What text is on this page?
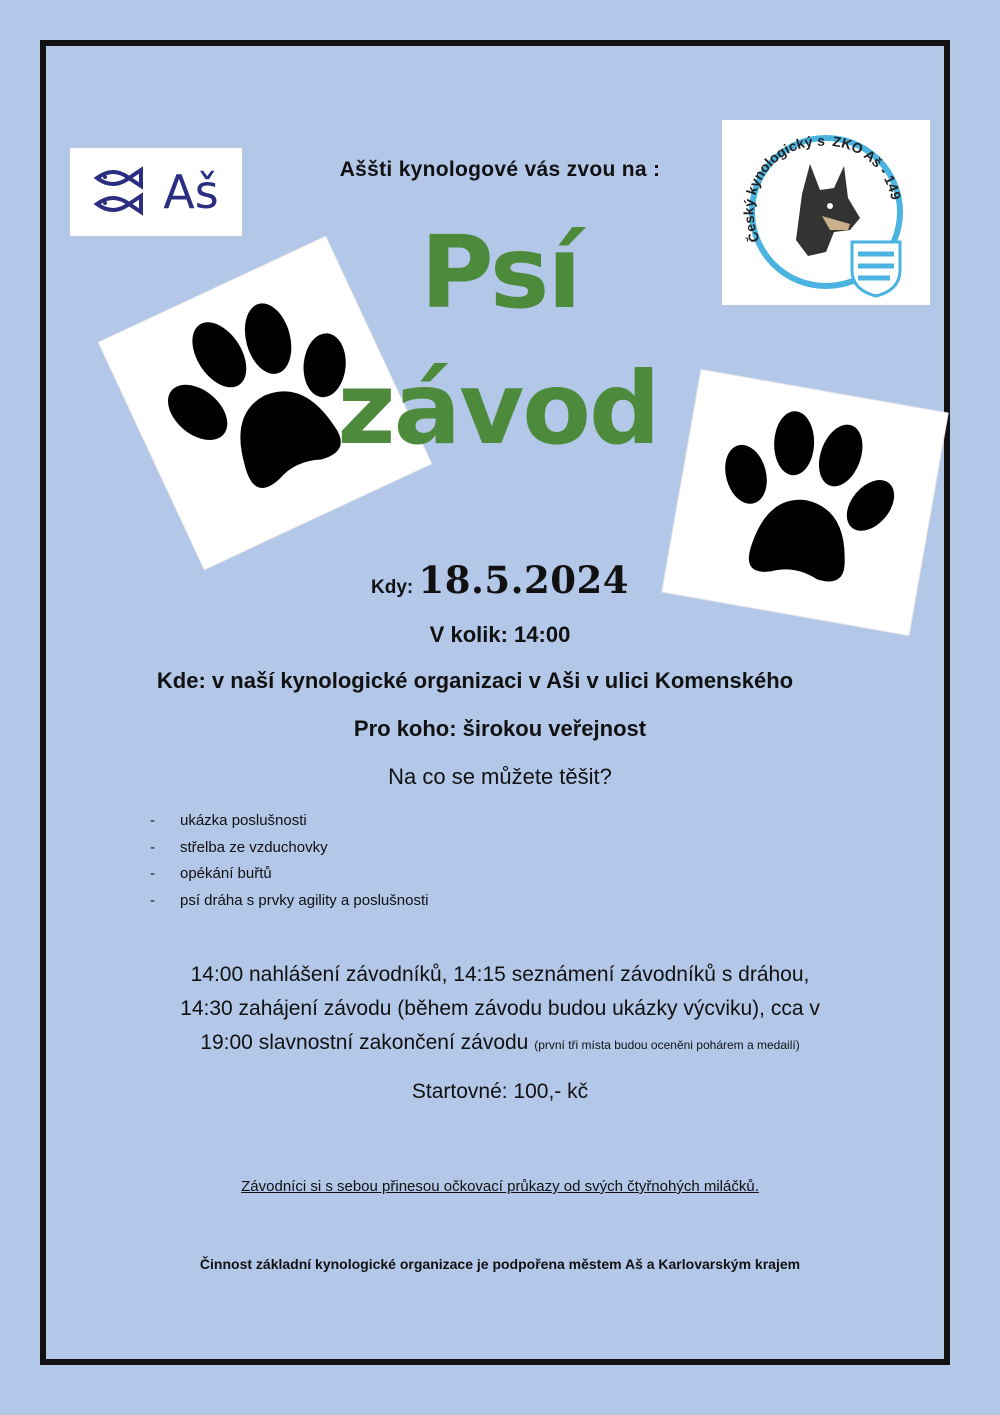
Aš
Český kynologický s ZKO Aš - 149
Aššti kynologové vás zvou na :
Psí
závod
Kdy: 18.5.2024
V kolik: 14:00
Kde: v naší kynologické organizaci v Aši v ulici Komenského
Pro koho: širokou veřejnost
Na co se můžete těšit?
-	ukázka poslušnosti
-	střelba ze vzduchovky
-	opékání buřtů
-	psí dráha s prvky agility a poslušnosti
14:00 nahlášení závodníků, 14:15 seznámení závodníků s dráhou,
14:30 zahájení závodu (během závodu budou ukázky výcviku), cca v
19:00 slavnostní zakončení závodu (první tři místa budou oceněni pohárem a medailí)
Startovné: 100,- kč
Závodníci si s sebou přinesou očkovací průkazy od svých čtyřnohých miláčků.
Činnost základní kynologické organizace je podpořena městem Aš a Karlovarským krajem
